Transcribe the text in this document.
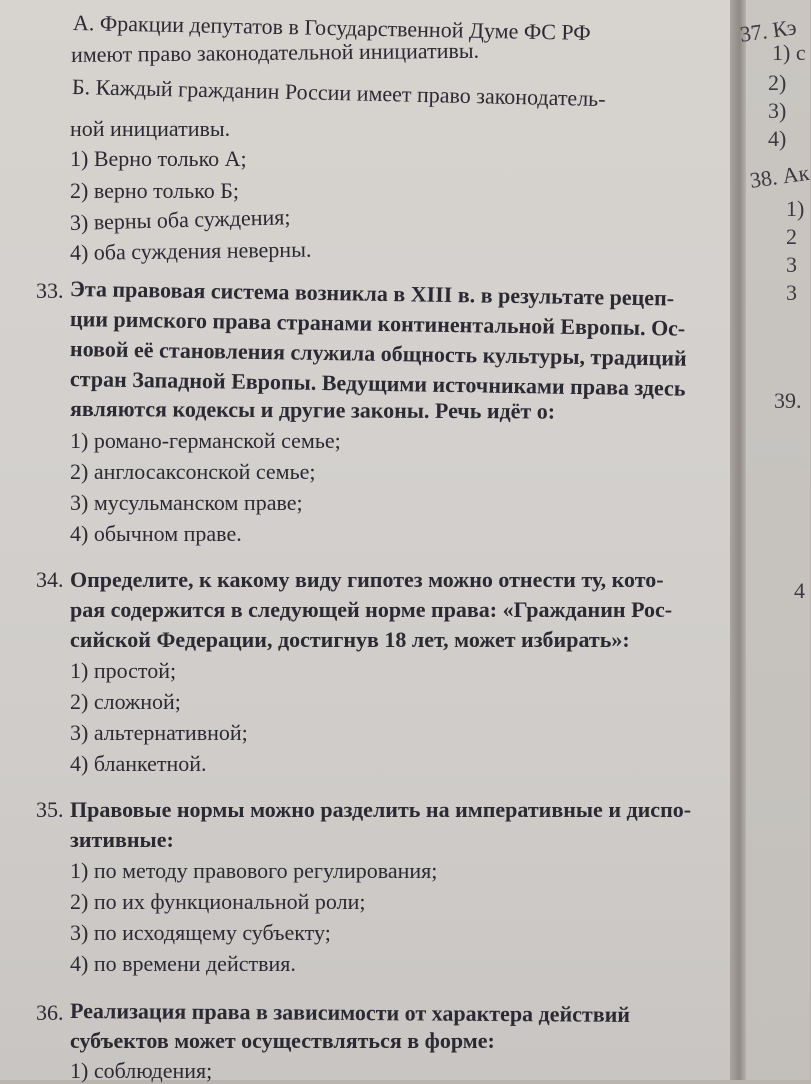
А. Фракции депутатов в Государственной Думе ФС РФ
имеют право законодательной инициативы.
Б. Каждый гражданин России имеет право законодатель-
ной инициативы.
1) Верно только А;
2) верно только Б;
3) верны оба суждения;
4) оба суждения неверны.
33. Эта правовая система возникла в XIII в. в результате рецеп-
ции римского права странами континентальной Европы. Ос-
новой её становления служила общность культуры, традиций
стран Западной Европы. Ведущими источниками права здесь
являются кодексы и другие законы. Речь идёт о:
1) романо-германской семье;
2) англосаксонской семье;
3) мусульманском праве;
4) обычном праве.
34. Определите, к какому виду гипотез можно отнести ту, кото-
рая содержится в следующей норме права: «Гражданин Рос-
сийской Федерации, достигнув 18 лет, может избирать»:
1) простой;
2) сложной;
3) альтернативной;
4) бланкетной.
35. Правовые нормы можно разделить на императивные и диспо-
зитивные:
1) по методу правового регулирования;
2) по их функциональной роли;
3) по исходящему субъекту;
4) по времени действия.
36. Реализация права в зависимости от характера действий
субъектов может осуществляться в форме:
1) соблюдения;
37. Кэ
1) с
2)
3)
4)
38. Ак
1)
2
3
3
39.
4
